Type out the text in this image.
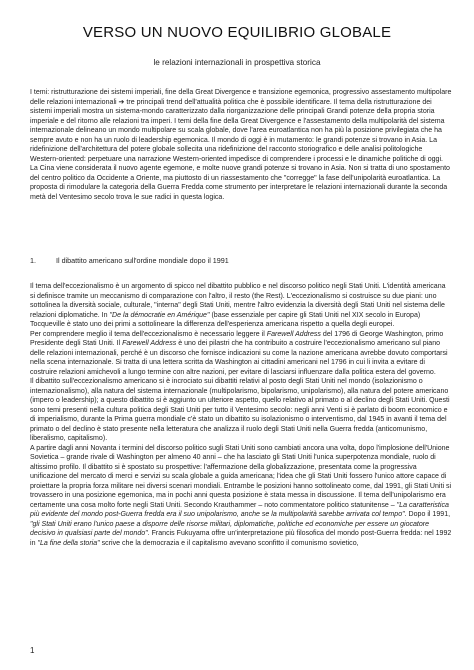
VERSO UN NUOVO EQUILIBRIO GLOBALE
le relazioni internazionali in prospettiva storica
I temi: ristrutturazione dei sistemi imperiali, fine della Great Divergence e transizione egemonica, progressivo assestamento multipolare delle relazioni internazionali ➔ tre principali trend dell'attualità politica che è possibile identificare. Il tema della ristrutturazione dei sistemi imperiali mostra un sistema-mondo caratterizzato dalla riorganizzazione delle principali Grandi potenze della propria storia imperiale e del ritorno alle relazioni tra imperi. I temi della fine della Great Divergence e l'assestamento della multipolarità del sistema internazionale delineano un mondo multipolare su scala globale, dove l'area euroatlantica non ha più la posizione privilegiata che ha sempre avuto e non ha un ruolo di leadership egemonica. Il mondo di oggi è in mutamento: le grandi potenze si trovano in Asia. La ridefinizione dell'architettura del potere globale sollecita una ridefinizione del racconto storiografico e delle analisi politologiche Western-oriented: perpetuare una narrazione Western-oriented impedisce di comprendere i processi e le dinamiche politiche di oggi. La Cina viene considerata il nuovo agente egemone, e molte nuove grandi potenze si trovano in Asia. Non si tratta di uno spostamento del centro politico da Occidente a Oriente, ma piuttosto di un riassestamento che "corregge" la fase dell'unipolarità euroatlantica. La proposta di rimodulare la categoria della Guerra Fredda come strumento per interpretare le relazioni internazionali durante la seconda metà del Ventesimo secolo trova le sue radici in questa logica.
1.	Il dibattito americano sull'ordine mondiale dopo il 1991
Il tema dell'eccezionalismo è un argomento di spicco nel dibattito pubblico e nel discorso politico negli Stati Uniti. L'identità americana si definisce tramite un meccanismo di comparazione con l'altro, il resto (the Rest). L'eccezionalismo si costruisce su due piani: uno sottolinea la diversità sociale, culturale, "interna" degli Stati Uniti, mentre l'altro evidenzia la diversità degli Stati Uniti nel sistema delle relazioni diplomatiche. In "De la démocratie en Amérique" (base essenziale per capire gli Stati Uniti nel XIX secolo in Europa) Tocqueville è stato uno dei primi a sottolineare la differenza dell'esperienza americana rispetto a quella degli europei.
Per comprendere meglio il tema dell'eccezionalismo è necessario leggere il Farewell Address del 1796 di George Washington, primo Presidente degli Stati Uniti. Il Farewell Address è uno dei pilastri che ha contribuito a costruire l'eccezionalismo americano sul piano delle relazioni internazionali, perché è un discorso che fornisce indicazioni su come la nazione americana avrebbe dovuto comportarsi nella scena internazionale. Si tratta di una lettera scritta da Washington ai cittadini americani nel 1796 in cui li invita a evitare di costruire relazioni amichevoli a lungo termine con altre nazioni, per evitare di lasciarsi influenzare dalla politica estera del governo.
Il dibattito sull'eccezionalismo americano si è incrociato sui dibattiti relativi al posto degli Stati Uniti nel mondo (isolazionismo o internazionalismo), alla natura del sistema internazionale (multipolarismo, bipolarismo, unipolarismo), alla natura del potere americano (impero o leadership); a questo dibattito si è aggiunto un ulteriore aspetto, quello relativo al primato o al declino degli Stati Uniti. Questi sono temi presenti nella cultura politica degli Stati Uniti per tutto il Ventesimo secolo: negli anni Venti si è parlato di boom economico e di imperialismo, durante la Prima guerra mondiale c'è stato un dibattito su isolazionismo o interventismo, dal 1945 in avanti il tema del primato o del declino è stato presente nella letteratura che analizza il ruolo degli Stati Uniti nella Guerra fredda (anticomunismo, liberalismo, capitalismo).
A partire dagli anni Novanta i termini del discorso politico sugli Stati Uniti sono cambiati ancora una volta, dopo l'implosione dell'Unione Sovietica – grande rivale di Washington per almeno 40 anni – che ha lasciato gli Stati Uniti l'unica superpotenza mondiale, ruolo di altissimo profilo. Il dibattito si è spostato su prospettive: l'affermazione della globalizzazione, presentata come la progressiva unificazione del mercato di merci e servizi su scala globale a guida americana; l'idea che gli Stati Uniti fossero l'unico attore capace di proiettare la propria forza militare nei diversi scenari mondiali. Entrambe le posizioni hanno sottolineato come, dal 1991, gli Stati Uniti si trovassero in una posizione egemonica, ma in pochi anni questa posizione è stata messa in discussione. Il tema dell'unipolarismo era certamente una cosa molto forte negli Stati Uniti. Secondo Krauthammer – noto commentatore politico statunitense – "La caratteristica più evidente del mondo post-Guerra fredda era il suo unipolarismo, anche se la multipolarità sarebbe arrivata col tempo". Dopo il 1991, "gli Stati Uniti erano l'unico paese a disporre delle risorse militari, diplomatiche, politiche ed economiche per essere un giocatore decisivo in qualsiasi parte del mondo". Francis Fukuyama offre un'interpretazione più filosofica del mondo post-Guerra fredda: nel 1992 in "La fine della storia" scrive che la democrazia e il capitalismo avevano sconfitto il comunismo sovietico,
1
